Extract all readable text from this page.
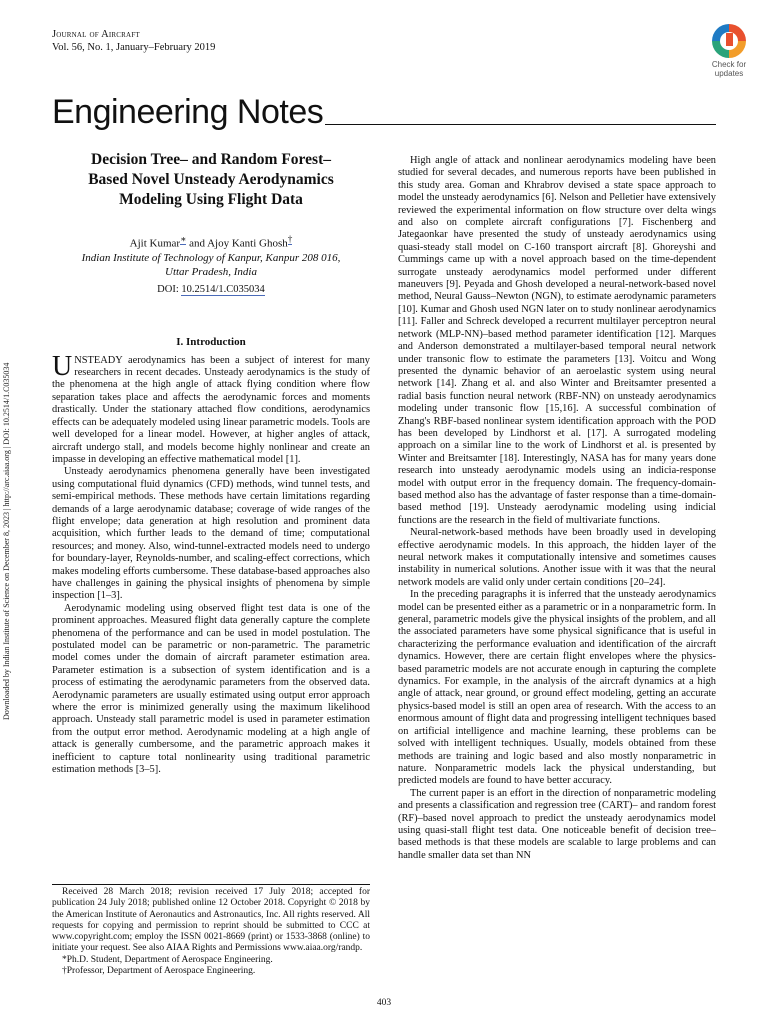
Journal of Aircraft
Vol. 56, No. 1, January–February 2019
Check for
updates
Engineering Notes
Downloaded by Indian Institute of Science on December 8, 2023 | http://arc.aiaa.org | DOI: 10.2514/1.C035034
Decision Tree– and Random Forest–
Based Novel Unsteady Aerodynamics
Modeling Using Flight Data
Ajit Kumar∗ and Ajoy Kanti Ghosh†
Indian Institute of Technology of Kanpur, Kanpur 208 016,
Uttar Pradesh, India
DOI: 10.2514/1.C035034
I. Introduction

UNSTEADY aerodynamics has been a subject of interest for many researchers in recent decades. Unsteady aerodynamics is the study of the phenomena at the high angle of attack flying condition where flow separation takes place and affects the aerodynamic forces and moments drastically. Under the stationary attached flow conditions, aerodynamics effects can be adequately modeled using linear parametric models. Tools are well developed for a linear model. However, at higher angles of attack, aircraft undergo stall, and models become highly nonlinear and create an impasse in developing an effective mathematical model [1].

Unsteady aerodynamics phenomena generally have been investigated using computational fluid dynamics (CFD) methods, wind tunnel tests, and semi-empirical methods. These methods have certain limitations regarding demands of a large aerodynamic database; coverage of wide ranges of the flight envelope; data generation at high resolution and prominent data acquisition, which further leads to the demand of time; computational resources; and money. Also, wind-tunnel-extracted models need to undergo for boundary-layer, Reynolds-number, and scaling-effect corrections, which makes modeling efforts cumbersome. These database-based approaches also have challenges in gaining the physical insights of phenomena by simple inspection [1–3].

Aerodynamic modeling using observed flight test data is one of the prominent approaches. Measured flight data generally capture the complete phenomena of the performance and can be used in model postulation. The postulated model can be parametric or non-parametric. The parametric model comes under the domain of aircraft parameter estimation area. Parameter estimation is a subsection of system identification and is a process of estimating the aerodynamic parameters from the observed data. Aerodynamic parameters are usually estimated using output error approach where the error is minimized generally using the maximum likelihood approach. Unsteady stall parametric model is used in parameter estimation from the output error method. Aerodynamic modeling at a high angle of attack is generally cumbersome, and the parametric approach makes it inefficient to capture total nonlinearity using traditional parametric estimation methods [3–5].

Received 28 March 2018; revision received 17 July 2018; accepted for publication 24 July 2018; published online 12 October 2018. Copyright © 2018 by the American Institute of Aeronautics and Astronautics, Inc. All rights reserved. All requests for copying and permission to reprint should be submitted to CCC at www.copyright.com; employ the ISSN 0021-8669 (print) or 1533-3868 (online) to initiate your request. See also AIAA Rights and Permissions www.aiaa.org/randp.

*Ph.D. Student, Department of Aerospace Engineering.

†Professor, Department of Aerospace Engineering.

High angle of attack and nonlinear aerodynamics modeling have been studied for several decades, and numerous reports have been published in this study area. Goman and Khrabrov devised a state space approach to model the unsteady aerodynamics [6]. Nelson and Pelletier have extensively reviewed the experimental information on flow structure over delta wings and also on complete aircraft configurations [7]. Fischenberg and Jategaonkar have presented the study of unsteady aerodynamics using quasi-steady stall model on C-160 transport aircraft [8]. Ghoreyshi and Cummings came up with a novel approach based on the time-dependent surrogate unsteady aerodynamics model performed under different maneuvers [9]. Peyada and Ghosh developed a neural-network-based novel method, Neural Gauss–Newton (NGN), to estimate aerodynamic parameters [10]. Kumar and Ghosh used NGN later on to study nonlinear aerodynamics [11]. Faller and Schreck developed a recurrent multilayer perceptron neural network (MLP-NN)–based method parameter identification [12]. Marques and Anderson demonstrated a multilayer-based temporal neural network under transonic flow to estimate the parameters [13]. Voitcu and Wong presented the dynamic behavior of an aeroelastic system using neural network [14]. Zhang et al. and also Winter and Breitsamter presented a radial basis function neural network (RBF-NN) on unsteady aerodynamics modeling under transonic flow [15,16]. A successful combination of Zhang's RBF-based nonlinear system identification approach with the POD has been developed by Lindhorst et al. [17]. A surrogated modeling approach on a similar line to the work of Lindhorst et al. is presented by Winter and Breitsamter [18]. Interestingly, NASA has for many years done research into unsteady aerodynamic models using an indicia-response model with output error in the frequency domain. The frequency-domain-based method also has the advantage of faster response than a time-domain-based method [19]. Unsteady aerodynamic modeling using indicial functions are the research in the field of multivariate functions.

Neural-network-based methods have been broadly used in developing effective aerodynamic models. In this approach, the hidden layer of the neural network makes it computationally intensive and sometimes causes instability in numerical solutions. Another issue with it was that the neural network models are valid only under certain conditions [20–24].

In the preceding paragraphs it is inferred that the unsteady aerodynamics model can be presented either as a parametric or in a nonparametric form. In general, parametric models give the physical insights of the problem, and all the associated parameters have some physical significance that is useful in characterizing the performance evaluation and identification of the aircraft dynamics. However, there are certain flight envelopes where the physics-based parametric models are not accurate enough in capturing the complete dynamics. For example, in the analysis of the aircraft dynamics at a high angle of attack, near ground, or ground effect modeling, getting an accurate physics-based model is still an open area of research. With the access to an enormous amount of flight data and progressing intelligent techniques based on artificial intelligence and machine learning, these problems can be solved with intelligent techniques. Usually, models obtained from these methods are training and logic based and also mostly nonparametric in nature. Nonparametric models lack the physical understanding, but predicted models are found to have better accuracy.

The current paper is an effort in the direction of nonparametric modeling and presents a classification and regression tree (CART)– and random forest (RF)–based novel approach to predict the unsteady aerodynamics model using quasi-stall flight test data. One noticeable benefit of decision tree–based methods is that these models are scalable to large problems and can handle smaller data set than NN

403
